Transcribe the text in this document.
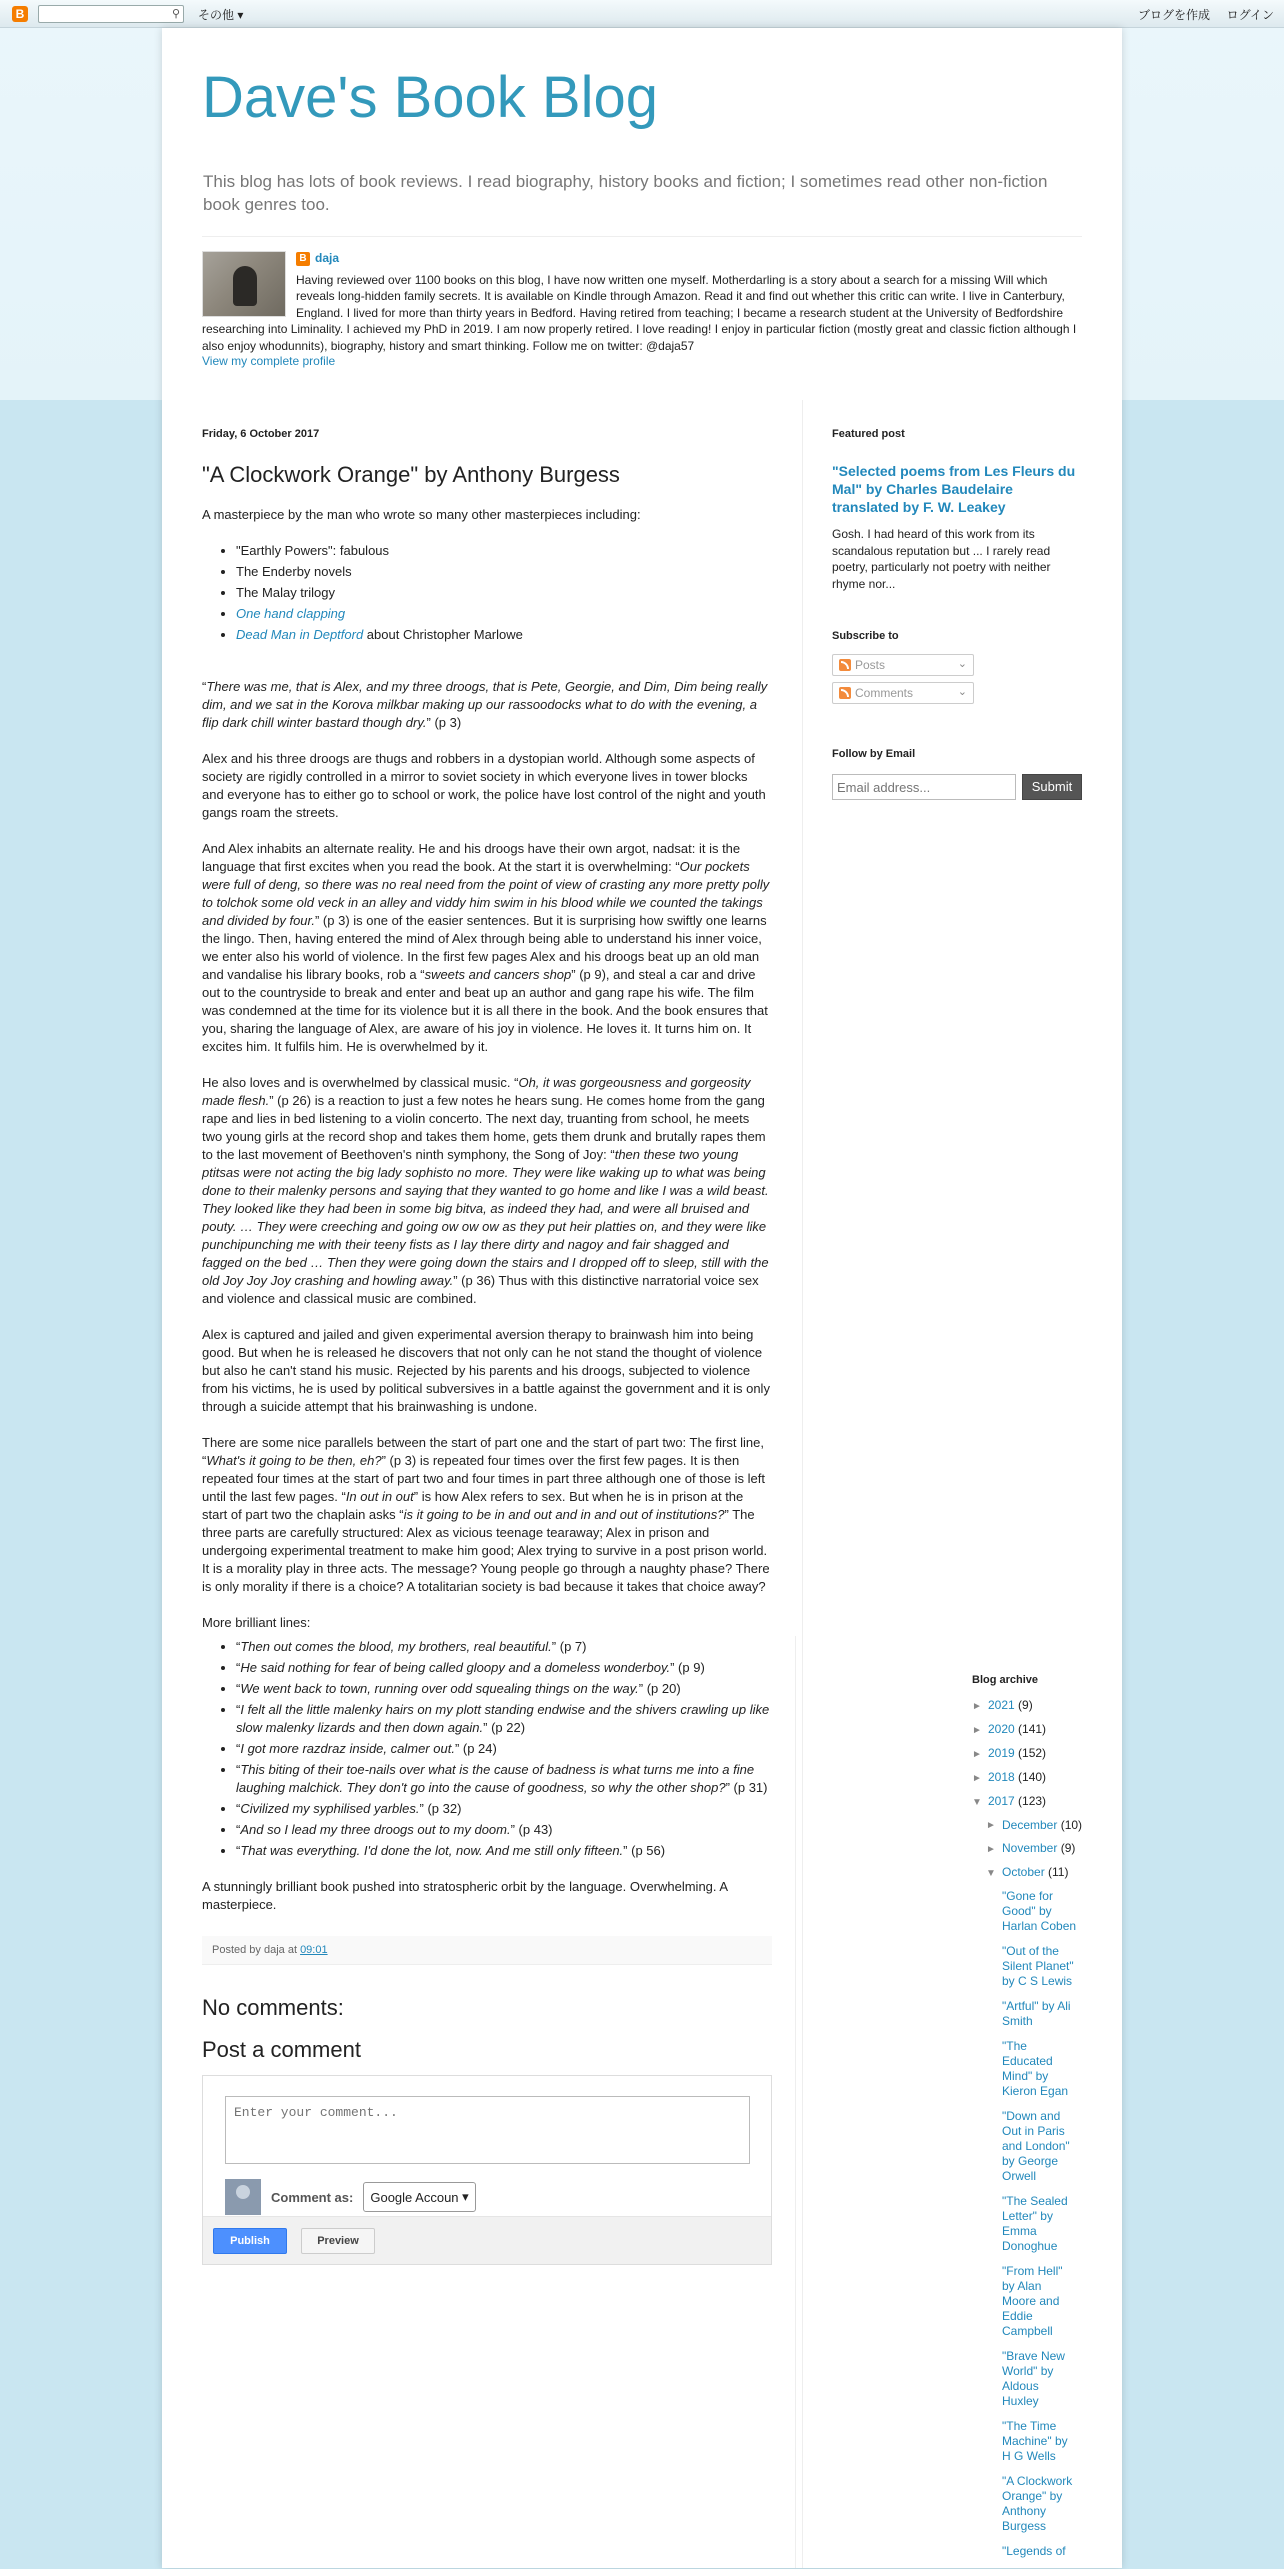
B	⚲ その他 ▾	ブログを作成 ログイン
Dave's Book Blog

This blog has lots of book reviews. I read biography, history books and fiction; I sometimes read other non-fiction book genres too.

B daja

Having reviewed over 1100 books on this blog, I have now written one myself. Motherdarling is a story about a search for a missing Will which reveals long-hidden family secrets. It is available on Kindle through Amazon. Read it and find out whether this critic can write. I live in Canterbury, England. I lived for more than thirty years in Bedford. Having retired from teaching; I became a research student at the University of Bedfordshire researching into Liminality. I achieved my PhD in 2019. I am now properly retired. I love reading! I enjoy in particular fiction (mostly great and classic fiction although I also enjoy whodunnits), biography, history and smart thinking. Follow me on twitter: @daja57

View my complete profile
Friday, 6 October 2017
"A Clockwork Orange" by Anthony Burgess

A masterpiece by the man who wrote so many other masterpieces including:

• "Earthly Powers": fabulous
• The Enderby novels
• The Malay trilogy
• One hand clapping
• Dead Man in Deptford about Christopher Marlowe

“There was me, that is Alex, and my three droogs, that is Pete, Georgie, and Dim, Dim being really dim, and we sat in the Korova milkbar making up our rassoodocks what to do with the evening, a flip dark chill winter bastard though dry.” (p 3)

Alex and his three droogs are thugs and robbers in a dystopian world. Although some aspects of society are rigidly controlled in a mirror to soviet society in which everyone lives in tower blocks and everyone has to either go to school or work, the police have lost control of the night and youth gangs roam the streets.

And Alex inhabits an alternate reality. He and his droogs have their own argot, nadsat: it is the language that first excites when you read the book. At the start it is overwhelming: “Our pockets were full of deng, so there was no real need from the point of view of crasting any more pretty polly to tolchok some old veck in an alley and viddy him swim in his blood while we counted the takings and divided by four.” (p 3) is one of the easier sentences. But it is surprising how swiftly one learns the lingo. Then, having entered the mind of Alex through being able to understand his inner voice, we enter also his world of violence. In the first few pages Alex and his droogs beat up an old man and vandalise his library books, rob a “sweets and cancers shop” (p 9), and steal a car and drive out to the countryside to break and enter and beat up an author and gang rape his wife. The film was condemned at the time for its violence but it is all there in the book. And the book ensures that you, sharing the language of Alex, are aware of his joy in violence. He loves it. It turns him on. It excites him. It fulfils him. He is overwhelmed by it.

He also loves and is overwhelmed by classical music. “Oh, it was gorgeousness and gorgeosity made flesh.” (p 26) is a reaction to just a few notes he hears sung. He comes home from the gang rape and lies in bed listening to a violin concerto. The next day, truanting from school, he meets two young girls at the record shop and takes them home, gets them drunk and brutally rapes them to the last movement of Beethoven's ninth symphony, the Song of Joy: “then these two young ptitsas were not acting the big lady sophisto no more. They were like waking up to what was being done to their malenky persons and saying that they wanted to go home and like I was a wild beast. They looked like they had been in some big bitva, as indeed they had, and were all bruised and pouty. … They were creeching and going ow ow ow as they put heir platties on, and they were like punchipunching me with their teeny fists as I lay there dirty and nagoy and fair shagged and fagged on the bed … Then they were going down the stairs and I dropped off to sleep, still with the old Joy Joy Joy crashing and howling away.” (p 36) Thus with this distinctive narratorial voice sex and violence and classical music are combined.

Alex is captured and jailed and given experimental aversion therapy to brainwash him into being good. But when he is released he discovers that not only can he not stand the thought of violence but also he can't stand his music. Rejected by his parents and his droogs, subjected to violence from his victims, he is used by political subversives in a battle against the government and it is only through a suicide attempt that his brainwashing is undone.

There are some nice parallels between the start of part one and the start of part two: The first line, “What's it going to be then, eh?” (p 3) is repeated four times over the first few pages. It is then repeated four times at the start of part two and four times in part three although one of those is left until the last few pages. “In out in out” is how Alex refers to sex. But when he is in prison at the start of part two the chaplain asks “is it going to be in and out and in and out of institutions?” The three parts are carefully structured: Alex as vicious teenage tearaway; Alex in prison and undergoing experimental treatment to make him good; Alex trying to survive in a post prison world. It is a morality play in three acts. The message? Young people go through a naughty phase? There is only morality if there is a choice? A totalitarian society is bad because it takes that choice away?

More brilliant lines:

• “Then out comes the blood, my brothers, real beautiful.” (p 7)
• “He said nothing for fear of being called gloopy and a domeless wonderboy.” (p 9)
• “We went back to town, running over odd squealing things on the way.” (p 20)
• “I felt all the little malenky hairs on my plott standing endwise and the shivers crawling up like slow malenky lizards and then down again.” (p 22)
• “I got more razdraz inside, calmer out.” (p 24)
• “This biting of their toe-nails over what is the cause of badness is what turns me into a fine laughing malchick. They don't go into the cause of goodness, so why the other shop?” (p 31)
• “Civilized my syphilised yarbles.” (p 32)
• “And so I lead my three droogs out to my doom.” (p 43)
• “That was everything. I'd done the lot, now. And me still only fifteen.” (p 56)

A stunningly brilliant book pushed into stratospheric orbit by the language. Overwhelming. A masterpiece.

Posted by daja at 09:01
No comments:
Post a comment
Enter your comment...
Comment as: Google Accoun
▾
Publish	Preview
Featured post
"Selected poems from Les Fleurs du Mal" by Charles Baudelaire translated by F. W. Leakey

Gosh. I had heard of this work from its scandalous reputation but ... I rarely read poetry, particularly not poetry with neither rhyme nor...

Subscribe to
Posts	⌄
Comments	⌄
Follow by Email
Email address...
Submit
Blog archive
► 2021 (9)
► 2020 (141)
► 2019 (152)
► 2018 (140)
▼ 2017 (123)
► December (10)
► November (9)
▼ October (11)
"Gone for Good" by Harlan Coben
"Out of the Silent Planet" by C S Lewis
"Artful" by Ali Smith
"The Educated Mind" by Kieron Egan
"Down and Out in Paris and London" by George Orwell
"The Sealed Letter" by Emma Donoghue
"From Hell" by Alan Moore and Eddie Campbell
"Brave New World" by Aldous Huxley
"The Time Machine" by H G Wells
"A Clockwork Orange" by Anthony Burgess
"Legends of
